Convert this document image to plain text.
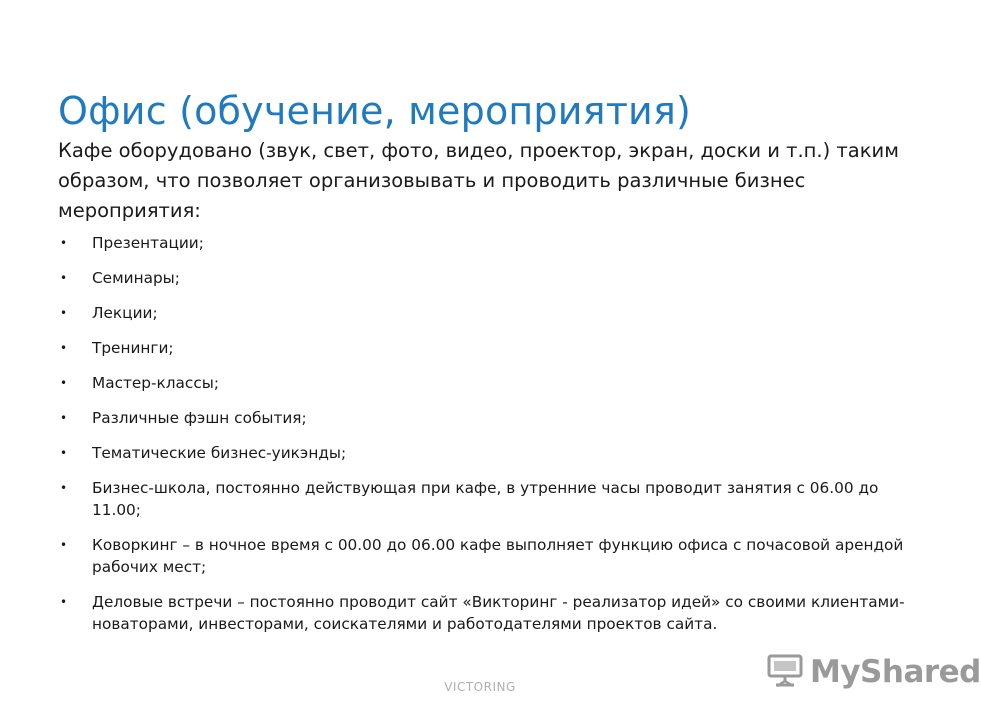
Офис (обучение, мероприятия)
Кафе оборудовано (звук, свет, фото, видео, проектор, экран, доски и т.п.) таким образом, что позволяет организовывать и проводить различные бизнес мероприятия:
• Презентации;
• Семинары;
• Лекции;
• Тренинги;
• Мастер-классы;
• Различные фэшн события;
• Тематические бизнес-уикэнды;
• Бизнес-школа, постоянно действующая при кафе, в утренние часы проводит занятия с 06.00 до 11.00;
• Коворкинг – в ночное время с 00.00 до 06.00 кафе выполняет функцию офиса с почасовой арендой рабочих мест;
• Деловые встречи – постоянно проводит сайт «Викторинг - реализатор идей» со своими клиентами-новаторами, инвесторами, соискателями и работодателями проектов сайта.
VICTORING	MyShared
